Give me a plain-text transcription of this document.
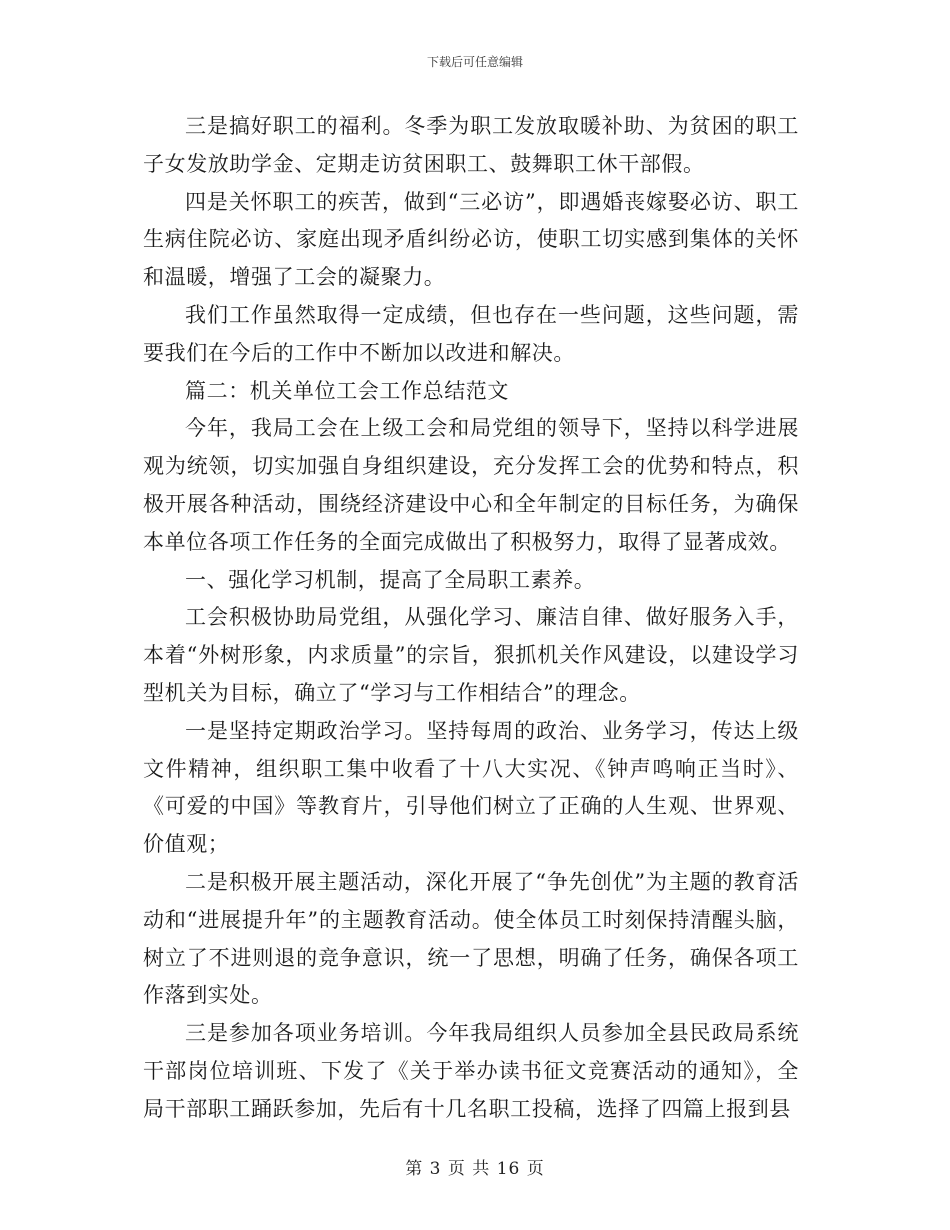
下载后可任意编辑

三是搞好职工的福利。冬季为职工发放取暖补助、为贫困的职工子女发放助学金、定期走访贫困职工、鼓舞职工休干部假。

四是关怀职工的疾苦，做到“三必访”，即遇婚丧嫁娶必访、职工生病住院必访、家庭出现矛盾纠纷必访，使职工切实感到集体的关怀和温暖，增强了工会的凝聚力。

我们工作虽然取得一定成绩，但也存在一些问题，这些问题，需要我们在今后的工作中不断加以改进和解决。

篇二：机关单位工会工作总结范文

今年，我局工会在上级工会和局党组的领导下，坚持以科学进展观为统领，切实加强自身组织建设，充分发挥工会的优势和特点，积极开展各种活动，围绕经济建设中心和全年制定的目标任务，为确保本单位各项工作任务的全面完成做出了积极努力，取得了显著成效。

一、强化学习机制，提高了全局职工素养。

工会积极协助局党组，从强化学习、廉洁自律、做好服务入手，本着“外树形象，内求质量”的宗旨，狠抓机关作风建设，以建设学习型机关为目标，确立了“学习与工作相结合”的理念。

一是坚持定期政治学习。坚持每周的政治、业务学习，传达上级文件精神，组织职工集中收看了十八大实况、《钟声鸣响正当时》、《可爱的中国》等教育片，引导他们树立了正确的人生观、世界观、价值观；

二是积极开展主题活动，深化开展了“争先创优”为主题的教育活动和“进展提升年”的主题教育活动。使全体员工时刻保持清醒头脑，树立了不进则退的竞争意识，统一了思想，明确了任务，确保各项工作落到实处。

三是参加各项业务培训。今年我局组织人员参加全县民政局系统干部岗位培训班、下发了《关于举办读书征文竞赛活动的通知》，全局干部职工踊跃参加，先后有十几名职工投稿，选择了四篇上报到县

第 3 页 共 16 页
